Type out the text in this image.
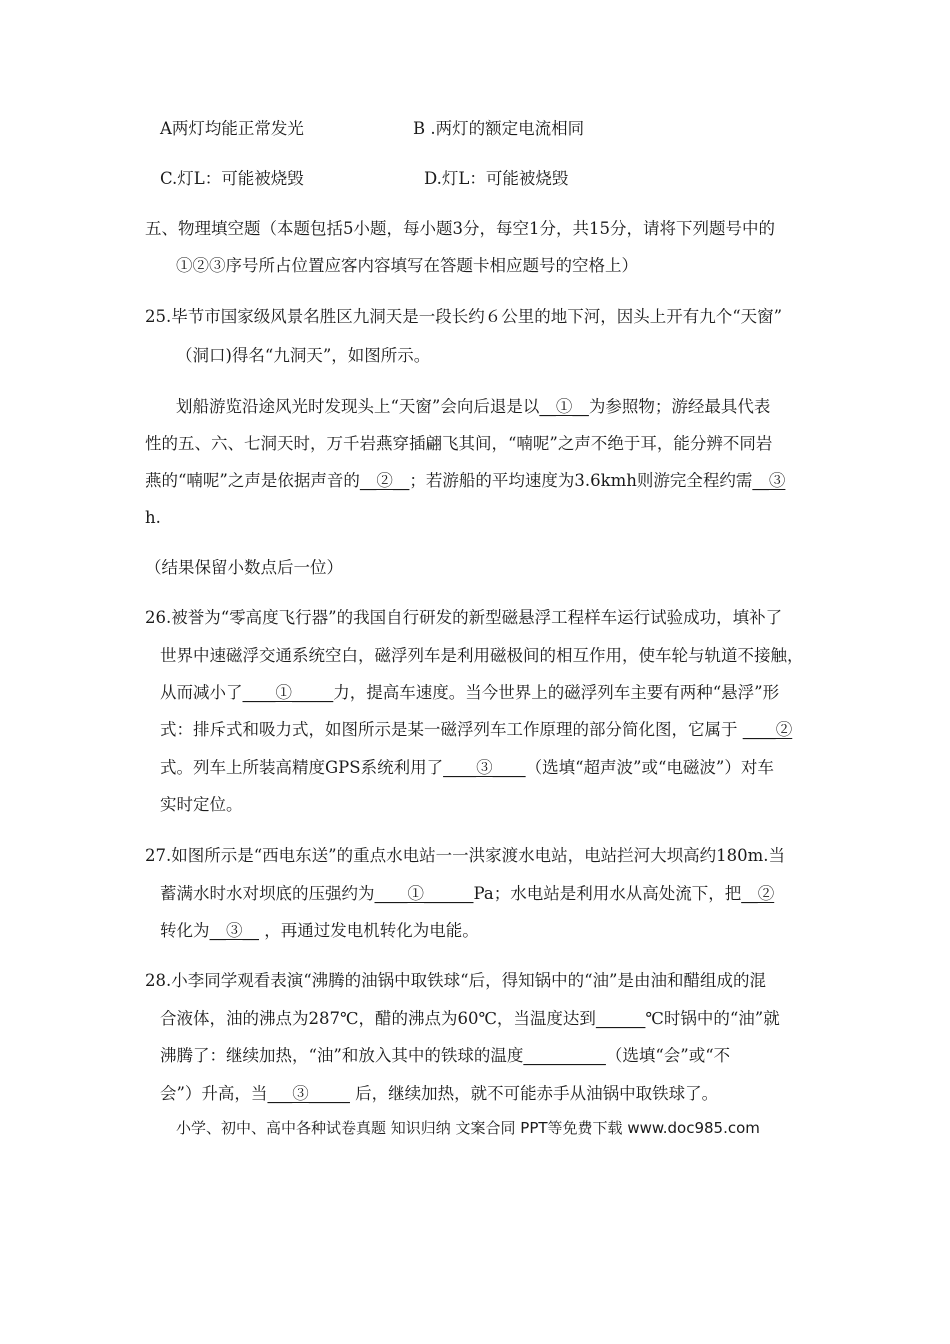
A两灯均能正常发光	B .两灯的额定电流相同
C.灯L：可能被烧毁	D.灯L：可能被烧毁
五、物理填空题（本题包括5小题，每小题3分，每空1分，共15分，请将下列题号中的
①②③序号所占位置应客内容填写在答题卡相应题号的空格上）
25.毕节市国家级风景名胜区九洞天是一段长约６公里的地下河，因头上开有九个“天窗”
（洞口)得名“九洞天”，如图所示。
划船游览沿途风光时发现头上“天窗”会向后退是以__①__为参照物；游经最具代表
性的五、六、七洞天时，万千岩燕穿插翩飞其间，“喃呢”之声不绝于耳，能分辨不同岩
燕的“喃呢”之声是依据声音的__②__；若游船的平均速度为3.6kmh则游完全程约需__③
h.
（结果保留小数点后一位）
26.被誉为“零高度飞行器”的我国自行研发的新型磁悬浮工程样车运行试验成功，填补了
世界中速磁浮交通系统空白，磁浮列车是利用磁极间的相互作用，使车轮与轨道不接触，
从而减小了____①_____力，提高车速度。当今世界上的磁浮列车主要有两种“悬浮”形
式：排斥式和吸力式，如图所示是某一磁浮列车工作原理的部分简化图，它属于 ____②
式。列车上所装高精度GPS系统利用了____③____（选填“超声波”或“电磁波”）对车
实时定位。
27.如图所示是“西电东送”的重点水电站一一洪家渡水电站，电站拦河大坝高约180m.当
蓄满水时水对坝底的压强约为____①______Pa；水电站是利用水从高处流下，把__②
转化为__③__ ，再通过发电机转化为电能。
28.小李同学观看表演“沸腾的油锅中取铁球“后，得知锅中的“油”是由油和醋组成的混
合液体，油的沸点为287℃，醋的沸点为60℃，当温度达到______℃时锅中的“油”就
沸腾了：继续加热，“油”和放入其中的铁球的温度__________（选填“会”或“不
会”）升高，当___③_____ 后，继续加热，就不可能赤手从油锅中取铁球了。
小学、初中、高中各种试卷真题 知识归纳 文案合同 PPT等免费下载 www.doc985.com
